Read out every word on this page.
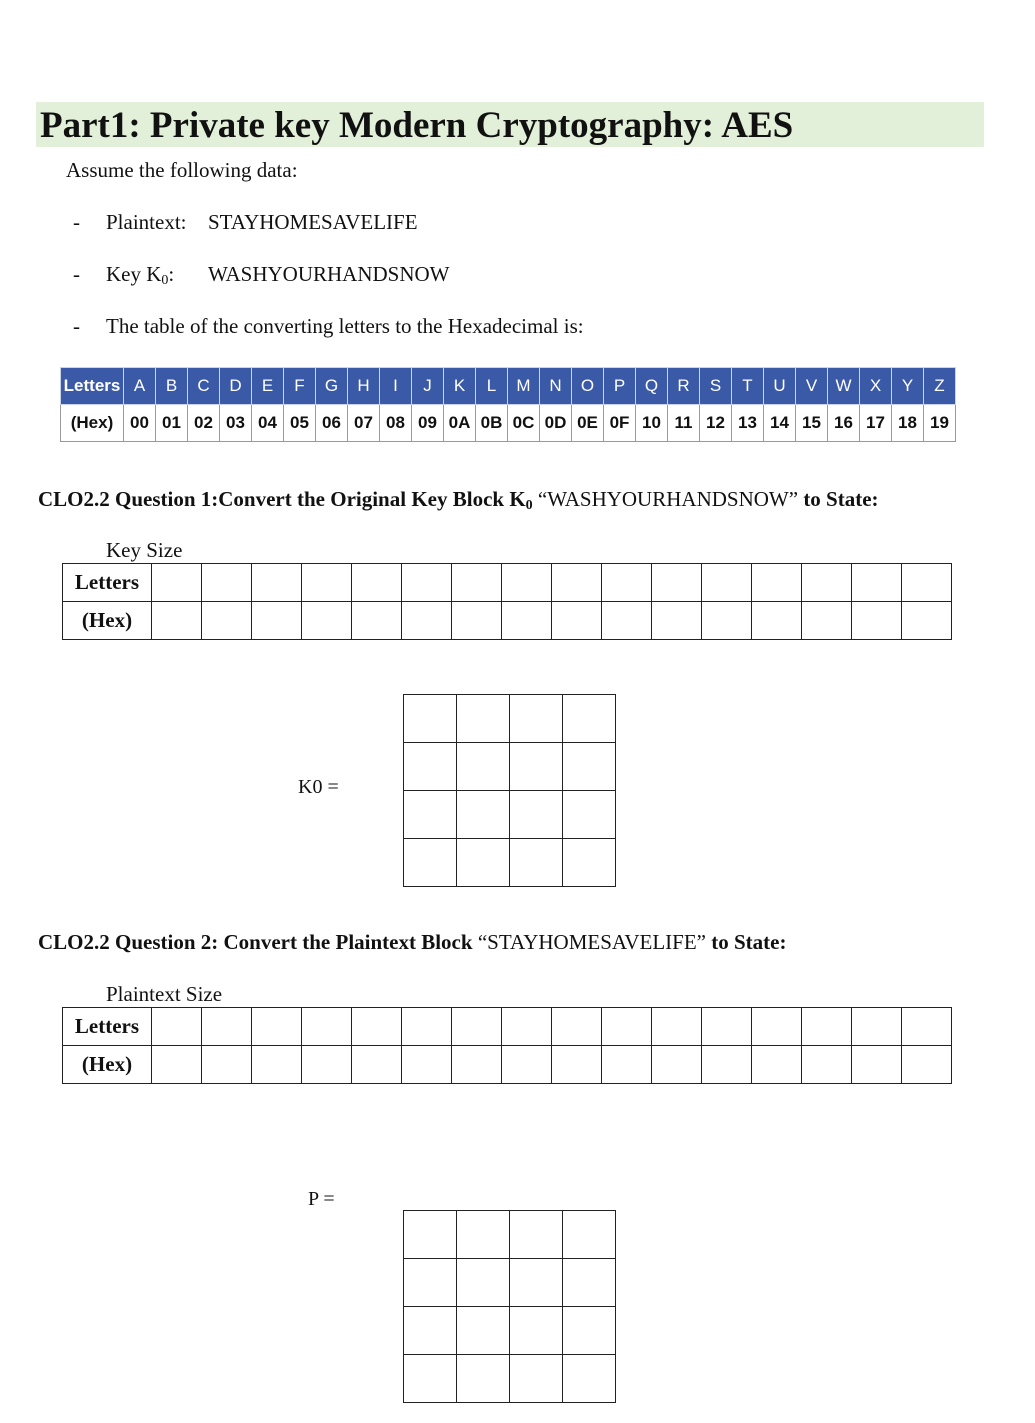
Part1: Private key Modern Cryptography: AES
Assume the following data:
- Plaintext: STAYHOMESAVELIFE
- Key $K_0$: WASHYOURHANDSNOW
- The table of the converting letters to the Hexadecimal is:
Letters	A	B	C	D	E	F	G	H	I	J	K	L	M	N	O	P	Q	R	S	T	U	V	W	X	Y	Z
(Hex)	00	01	02	03	04	05	06	07	08	09	0A	0B	0C	0D	0E	0F	10	11	12	13	14	15	16	17	18	19
CLO2.2 Question 1:Convert the Original Key Block $K_0$ “WASHYOURHANDSNOW” to State:
Key Size
Letters																
(Hex)																
K0 =

CLO2.2 Question 2: Convert the Plaintext Block “STAYHOMESAVELIFE” to State:
Plaintext Size
Letters																
(Hex)																
P =
